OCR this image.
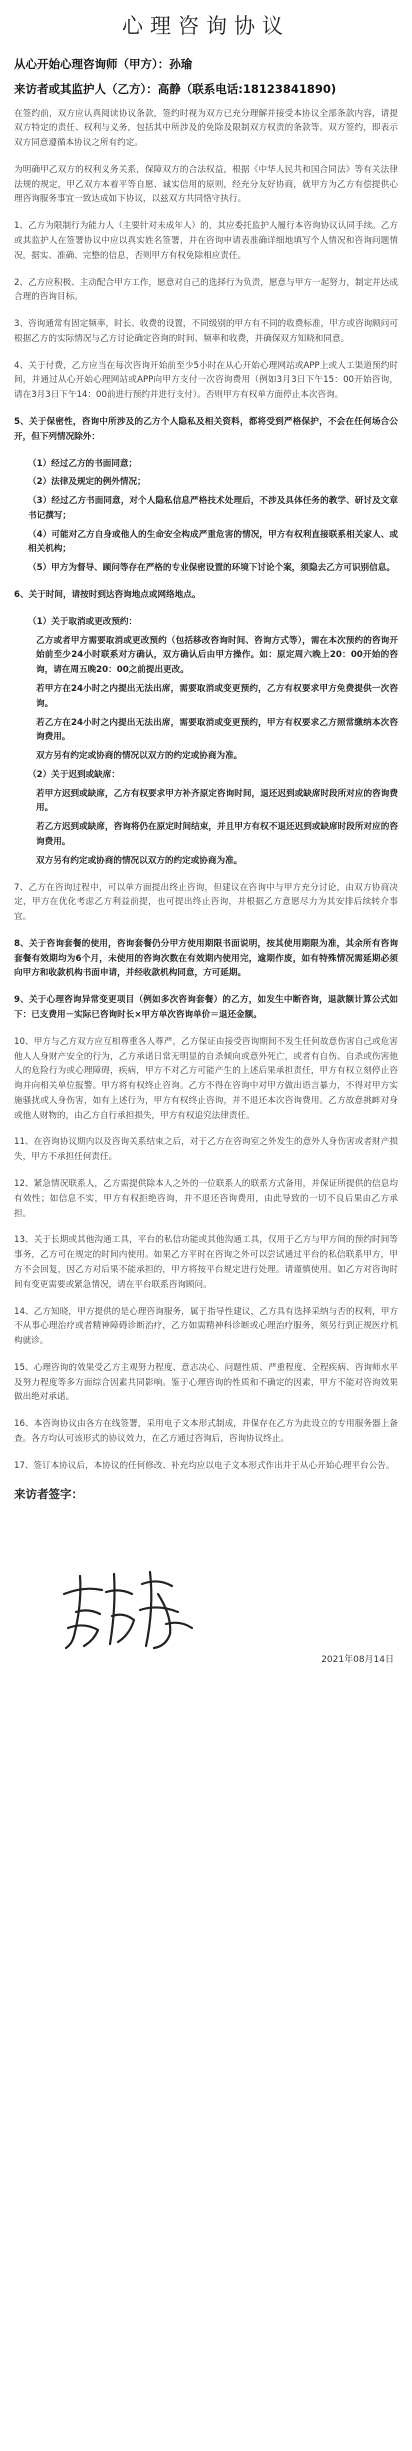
心理咨询协议
从心开始心理咨询师（甲方）：孙瑜
来访者或其监护人（乙方）：高静（联系电话:18123841890)

在签约前，双方应认真阅读协议条款，签约时视为双方已充分理解并接受本协议全部条款内容，请提双方特定的责任、权利与义务，包括其中所涉及的免除及限制双方权责的条款等。双方签约，即表示双方同意遵循本协议之所有约定。

为明确甲乙双方的权利义务关系，保障双方的合法权益，根据《中华人民共和国合同法》等有关法律法规的规定，甲乙双方本着平等自愿、诚实信用的原则，经充分友好协商，就甲方为乙方有偿提供心理咨询服务事宜一致达成如下协议，以兹双方共同恪守执行。

1、乙方为限制行为能力人（主要针对未成年人）的，其应委托监护人履行本咨询协议认同手续。乙方或其监护人在签署协议中应以真实姓名签署，并在咨询申请表准确详细地填写个人情况和咨询问题情况，据实、准确、完整的信息，否则甲方有权免除相应责任。

2、乙方应积极、主动配合甲方工作，愿意对自己的选择行为负责，愿意与甲方一起努力，制定并达成合理的咨询目标。

3、咨询通常有固定频率，时长、收费的设置，不同级别的甲方有不同的收费标准，甲方或咨询顾问可根据乙方的实际情况与乙方讨论确定咨询的时间、频率和收费，并确保双方知晓和同意。

4、关于付费，乙方应当在每次咨询开始前至少5小时在从心开始心理网站或APP上或人工渠道预约时间，并通过从心开始心理网站或APP向甲方支付一次咨询费用（例如3月3日下午15：00开始咨询，请在3月3日下午14：00前进行预约并进行支付）。否则甲方有权单方面停止本次咨询。

5、关于保密性，咨询中所涉及的乙方个人隐私及相关资料，都将受到严格保护，不会在任何场合公开，但下列情况除外：

（1）经过乙方的书面同意；

（2）法律及规定的例外情况；

（3）经过乙方书面同意，对个人隐私信息严格技术处理后，不涉及具体任务的教学、研讨及文章书记撰写；

（4）可能对乙方自身或他人的生命安全构成严重危害的情况，甲方有权利直接联系相关家人、或相关机构；

（5）甲方为督导、顾问等存在严格的专业保密设置的环境下讨论个案，须隐去乙方可识别信息。

6、关于时间，请按时到达咨询地点或网络地点。

（1）关于取消或更改预约：

乙方或者甲方需要取消或更改预约（包括移改咨询时间、咨询方式等），需在本次预约的咨询开始前至少24小时联系对方确认，双方确认后由甲方操作。如：原定周六晚上20：00开始的咨询，请在周五晚20：00之前提出更改。

若甲方在24小时之内提出无法出席，需要取消或变更预约，乙方有权要求甲方免费提供一次咨询。

若乙方在24小时之内提出无法出席，需要取消或变更预约，甲方有权要求乙方照常缴纳本次咨询费用。

双方另有约定或协商的情况以双方的约定或协商为准。

（2）关于迟到或缺席：

若甲方迟到或缺席，乙方有权要求甲方补齐原定咨询时间，退还迟到或缺席时段所对应的咨询费用。

若乙方迟到或缺席，咨询将仍在原定时间结束，并且甲方有权不退还迟到或缺席时段所对应的咨询费用。

双方另有约定或协商的情况以双方的约定或协商为准。

7、乙方在咨询过程中，可以单方面提出终止咨询，但建议在咨询中与甲方充分讨论，由双方协商决定，甲方在优化考虑乙方利益前提，也可提出终止咨询，并根据乙方意愿尽力为其安排后续转介事宜。

8、关于咨询套餐的使用，咨询套餐仍分甲方使用期限书面说明，按其使用期限为准，其余所有咨询套餐有效期均为6个月，未使用的咨询次数在有效期内使用完，逾期作废，如有特殊情况需延期必须向甲方和收款机构书面申请，并经收款机构同意，方可延期。

9、关于心理咨询异常变更项目（例如多次咨询套餐）的乙方，如发生中断咨询，退款额计算公式如下：已支费用－实际已咨询时长×甲方单次咨询单价＝退还金额。

10、甲方与乙方双方应互相尊重各人尊严，乙方保证由接受咨询期间不发生任何故意伤害自己或危害他人人身财产安全的行为，乙方承诺日常无明显的自杀倾向或意外死亡，或者有自伤、自杀或伤害他人的危险行为或心理障碍，疾病，甲方不对乙方可能产生的上述后果承担责任，甲方有权立刻停止咨询并向相关单位报警。甲方将有权终止咨询。乙方不得在咨询中对甲方做出语言暴力，不得对甲方实施骚扰或人身伤害，如有上述行为，甲方有权终止咨询，并不退还本次咨询费用。乙方故意挑衅对身或他人财物的，由乙方自行承担损失，甲方有权追究法律责任。

11、在咨询协议期内以及咨询关系结束之后，对于乙方在咨询室之外发生的意外人身伤害或者财产损失，甲方不承担任何责任。

12、紧急情况联系人，乙方需提供除本人之外的一位联系人的联系方式备用，并保证所提供的信息均有效性；如信息不实，甲方有权拒绝咨询，并不退还咨询费用，由此导致的一切不良后果由乙方承担。

13、关于长期或其他沟通工具，平台的私信功能或其他沟通工具，仅用于乙方与甲方间的预约时间等事务，乙方可在规定的时间内使用。如果乙方平时在咨询之外可以尝试通过平台的私信联系甲方，甲方不会回复，因乙方对后果不能承担的，甲方将按平台规定进行处理。请谨慎使用。如乙方对咨询时间有变更需要或紧急情况，请在平台联系咨询顾问。

14、乙方知晓，甲方提供的是心理咨询服务，属于指导性建议，乙方具有选择采纳与否的权利，甲方不从事心理治疗或者精神障碍诊断治疗，乙方如需精神科诊断或心理治疗服务，须另行到正规医疗机构就诊。

15、心理咨询的效果受乙方主观努力程度、意志决心、问题性质、严重程度、全程疾病、咨询师水平及努力程度等多方面综合因素共同影响。鉴于心理咨询的性质和不确定的因素，甲方不能对咨询效果做出绝对承诺。

16、本咨询协议由各方在线签署，采用电子文本形式制成，并保存在乙方为此设立的专用服务器上备查。各方均认可该形式的协议效力，在乙方通过咨询后，咨询协议终止。

17、签订本协议后，本协议的任何修改、补充均应以电子文本形式作出并于从心开始心理平台公告。

来访者签字：
2021年08月14日
